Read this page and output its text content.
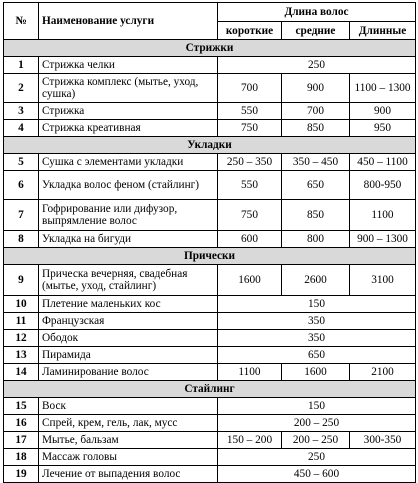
№	Наименование услуги	Длина волос		
		короткие	средние	Длинные
Стрижки				
1	Стрижка челки	250		
2	Стрижка комплекс (мытье, уход, сушка)	700	900	1100 – 1300
3	Стрижка	550	700	900
4	Стрижка креативная	750	850	950
Укладки				
5	Сушка с элементами укладки	250 – 350	350 – 450	450 – 1100
6	Укладка волос феном (стайлинг)	550	650	800-950
7	Гофрирование или дифузор, выпрямление волос	750	850	1100
8	Укладка на бигуди	600	800	900 – 1300
Прически				
9	Прическа вечерняя, свадебная (мытье, уход, стайлинг)	1600	2600	3100
10	Плетение маленьких кос	150		
11	Французская	350		
12	Ободок	350		
13	Пирамида	650		
14	Ламинирование волос	1100	1600	2100
Стайлинг				
15	Воск	150		
16	Спрей, крем, гель, лак, мусс	200 – 250		
17	Мытье, бальзам	150 – 200	200 – 250	300-350
18	Массаж головы	250		
19	Лечение от выпадения волос	450 – 600		
